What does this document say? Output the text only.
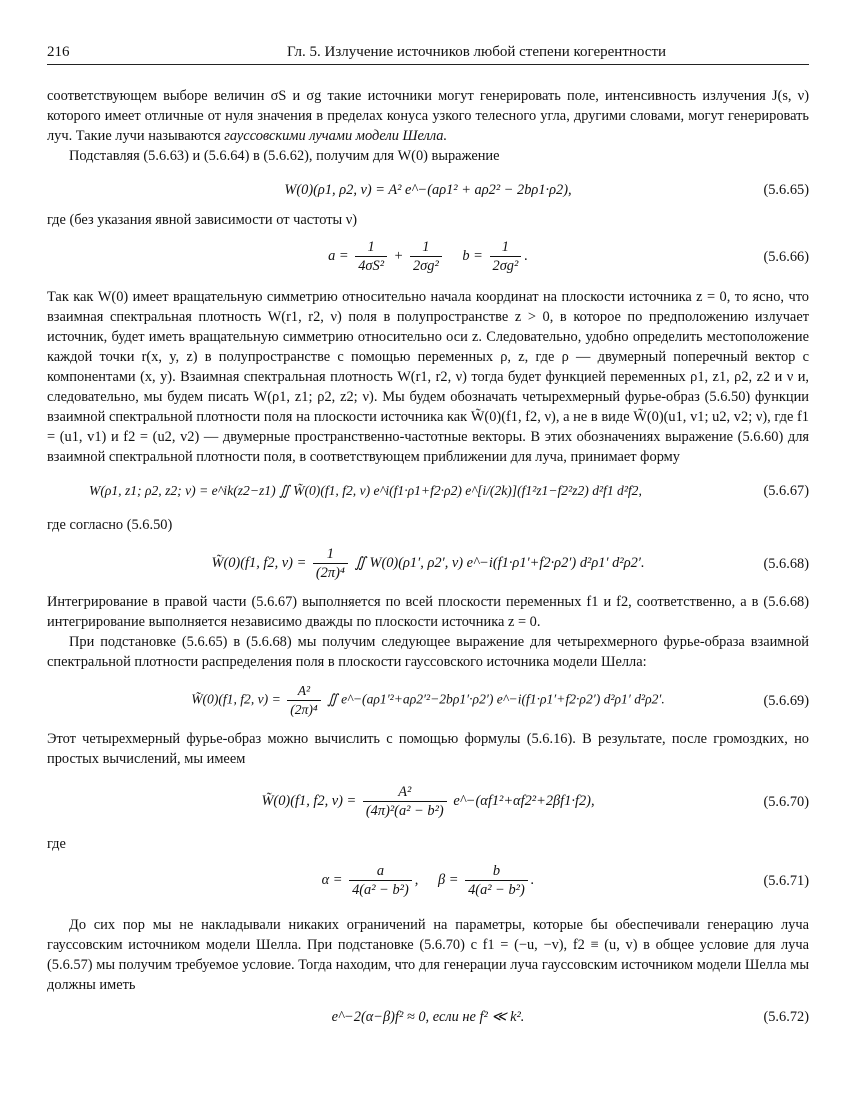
216	Гл. 5. Излучение источников любой степени когерентности

соответствующем выборе величин σS и σg такие источники могут генерировать поле, интенсивность излучения J(s, ν) которого имеет отличные от нуля значения в пределах конуса узкого телесного угла, другими словами, могут генерировать луч. Такие лучи называются гауссовскими лучами модели Шелла.

Подставляя (5.6.63) и (5.6.64) в (5.6.62), получим для W(0) выражение

W(0)(ρ1, ρ2, ν) = A² e^−(aρ1² + aρ2² − 2bρ1·ρ2),	(5.6.65)

где (без указания явной зависимости от частоты ν)

$a = \frac{1}{\text{4σS²}} + \frac{1}{\text{2σg²}}$ $b = \frac{1}{\text{2σg²}}$ .	(5.6.66)

Так как W(0) имеет вращательную симметрию относительно начала координат на плоскости источника z = 0, то ясно, что взаимная спектральная плотность W(r1, r2, ν) поля в полупространстве z > 0, в которое по предположению излучает источник, будет иметь вращательную симметрию относительно оси z. Следовательно, удобно определить местоположение каждой точки r(x, y, z) в полупространстве с помощью переменных ρ, z, где ρ — двумерный поперечный вектор с компонентами (x, y). Взаимная спектральная плотность W(r1, r2, ν) тогда будет функцией переменных ρ1, z1, ρ2, z2 и ν и, следовательно, мы будем писать W(ρ1, z1; ρ2, z2; ν). Мы будем обозначать четырехмерный фурье-образ (5.6.50) функции взаимной спектральной плотности поля на плоскости источника как W̃(0)(f1, f2, ν), а не в виде W̃(0)(u1, v1; u2, v2; ν), где f1 = (u1, v1) и f2 = (u2, v2) — двумерные пространственно-частотные векторы. В этих обозначениях выражение (5.6.60) для взаимной спектральной плотности поля, в соответствующем приближении для луча, принимает форму

W(ρ1, z1; ρ2, z2; ν) = e^ik(z2−z1) ∬ W̃(0)(f1, f2, ν) e^i(f1·ρ1+f2·ρ2) e^[i/(2k)](f1²z1−f2²z2) d²f1 d²f2,	(5.6.67)

где согласно (5.6.50)

W̃(0)(f1, f2, $\nu) = \frac{1}{\text{(2π)⁴}}$ ∬ W(0)(ρ1′, ρ2′, ν) e^−i(f1·ρ1′+f2·ρ2′) d²ρ1′ d²ρ2′.	(5.6.68)

Интегрирование в правой части (5.6.67) выполняется по всей плоскости переменных f1 и f2, соответственно, а в (5.6.68) интегрирование выполняется независимо дважды по плоскости источника z = 0.

При подстановке (5.6.65) в (5.6.68) мы получим следующее выражение для четырехмерного фурье-образа взаимной спектральной плотности распределения поля в плоскости гауссовского источника модели Шелла:

W̃(0)(f1, f2, $\nu) = \frac{\text{A²}}{\text{(2π)⁴}}$ ∬ e^−(aρ1′²+aρ2′²−2bρ1′·ρ2′) e^−i(f1·ρ1′+f2·ρ2′) d²ρ1′ d²ρ2′.	(5.6.69)

Этот четырехмерный фурье-образ можно вычислить с помощью формулы (5.6.16). В результате, после громоздких, но простых вычислений, мы имеем

W̃(0)(f1, f2, $\nu) = \frac{\text{A²}}{\text{(4π)²(a² − b²)}}$ e^−(αf1²+αf2²+2βf1·f2),	(5.6.70)

где

$\alpha = \frac{a}{\text{4(a² − b²)}}$ , $\beta = \frac{b}{\text{4(a² − b²)}}$ .	(5.6.71)

До сих пор мы не накладывали никаких ограничений на параметры, которые бы обеспечивали генерацию луча гауссовским источником модели Шелла. При подстановке (5.6.70) с f1 = (−u, −v), f2 ≡ (u, v) в общее условие для луча (5.6.57) мы получим требуемое условие. Тогда находим, что для генерации луча гауссовским источником модели Шелла мы должны иметь

e^−2(α−β)f² ≈ 0, если не f² ≪ k².	(5.6.72)
